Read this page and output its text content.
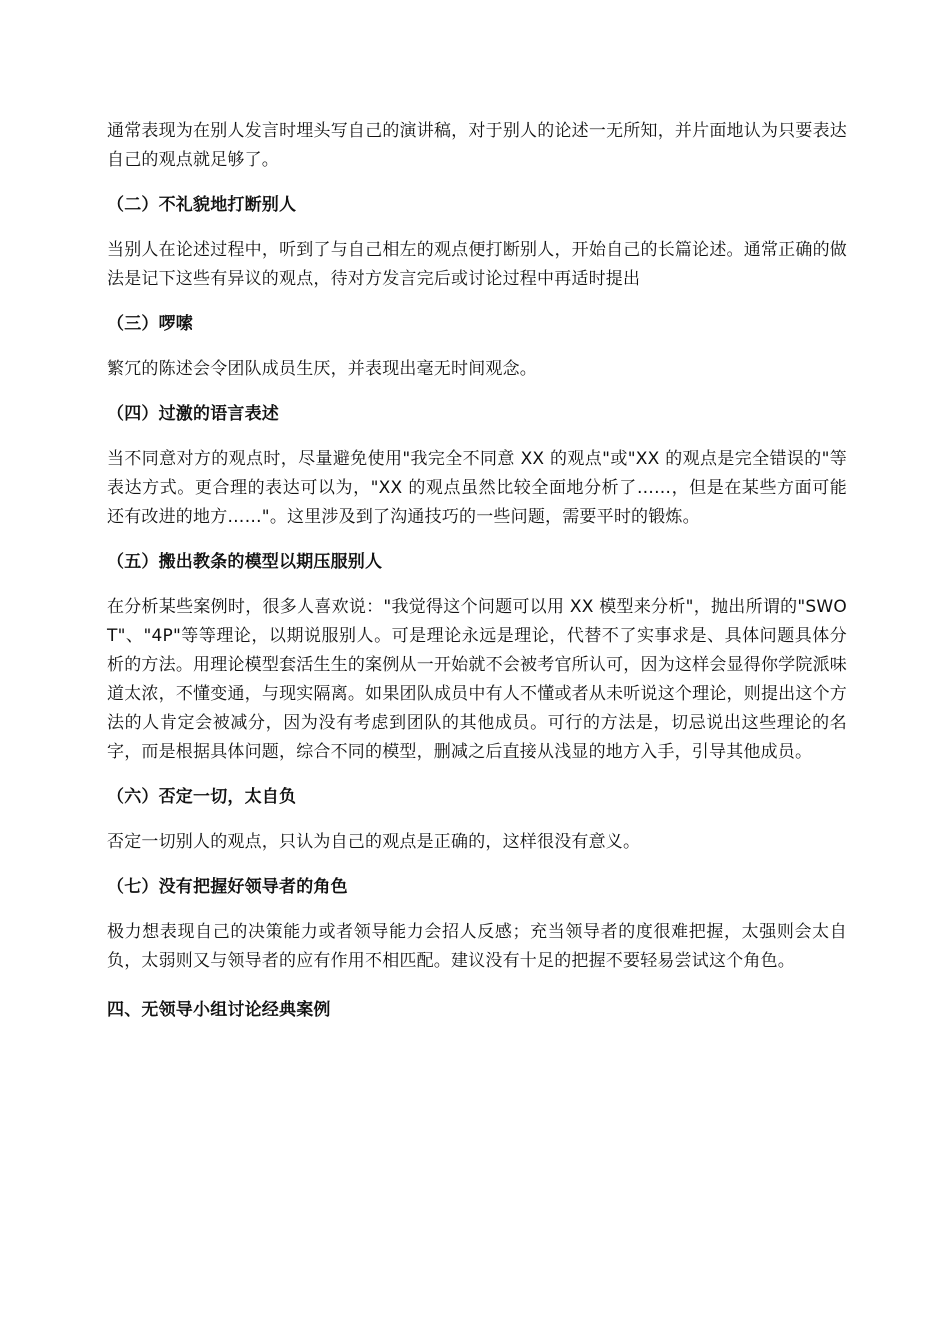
通常表现为在别人发言时埋头写自己的演讲稿，对于别人的论述一无所知，并片面地认为只要表达自己的观点就足够了。

（二）不礼貌地打断别人

当别人在论述过程中，听到了与自己相左的观点便打断别人，开始自己的长篇论述。通常正确的做法是记下这些有异议的观点，待对方发言完后或讨论过程中再适时提出

（三）啰嗦

繁冗的陈述会令团队成员生厌，并表现出毫无时间观念。

（四）过激的语言表述

当不同意对方的观点时，尽量避免使用"我完全不同意 XX 的观点"或"XX 的观点是完全错误的"等表达方式。更合理的表达可以为，"XX 的观点虽然比较全面地分析了……，但是在某些方面可能还有改进的地方……"。这里涉及到了沟通技巧的一些问题，需要平时的锻炼。

（五）搬出教条的模型以期压服别人

在分析某些案例时，很多人喜欢说："我觉得这个问题可以用 XX 模型来分析"，抛出所谓的"SWOT"、"4P"等等理论，以期说服别人。可是理论永远是理论，代替不了实事求是、具体问题具体分析的方法。用理论模型套活生生的案例从一开始就不会被考官所认可，因为这样会显得你学院派味道太浓，不懂变通，与现实隔离。如果团队成员中有人不懂或者从未听说这个理论，则提出这个方法的人肯定会被减分，因为没有考虑到团队的其他成员。可行的方法是，切忌说出这些理论的名字，而是根据具体问题，综合不同的模型，删减之后直接从浅显的地方入手，引导其他成员。

（六）否定一切，太自负

否定一切别人的观点，只认为自己的观点是正确的，这样很没有意义。

（七）没有把握好领导者的角色

极力想表现自己的决策能力或者领导能力会招人反感；充当领导者的度很难把握，太强则会太自负，太弱则又与领导者的应有作用不相匹配。建议没有十足的把握不要轻易尝试这个角色。

四、无领导小组讨论经典案例
